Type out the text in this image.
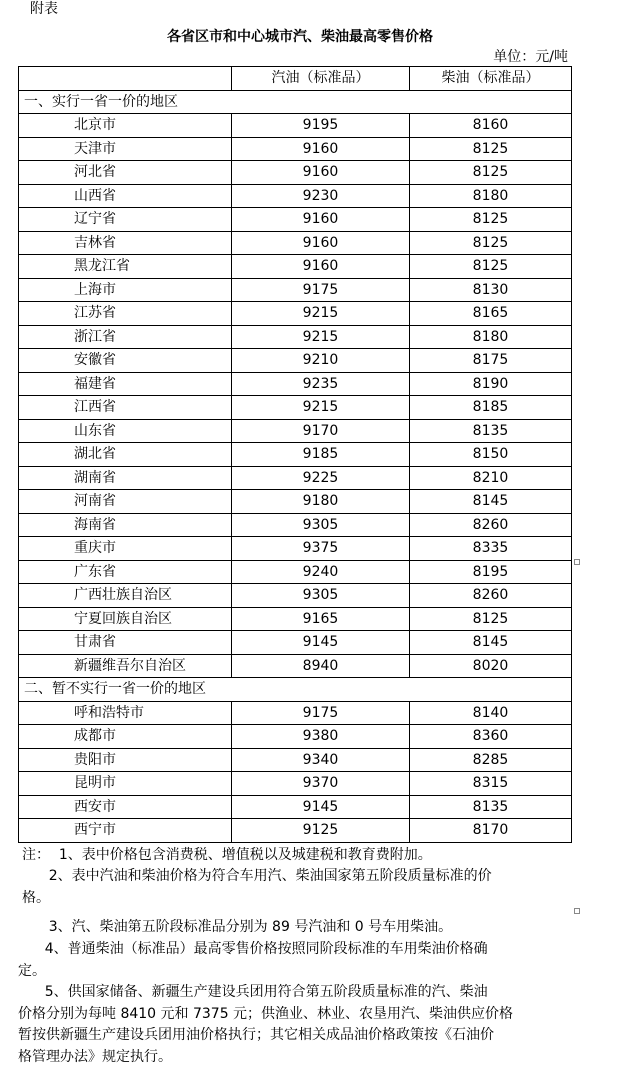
附表
各省区市和中心城市汽、柴油最高零售价格
单位：元/吨
	汽油（标准品）	柴油（标准品）
一、实行一省一价的地区		
北京市	9195	8160
天津市	9160	8125
河北省	9160	8125
山西省	9230	8180
辽宁省	9160	8125
吉林省	9160	8125
黑龙江省	9160	8125
上海市	9175	8130
江苏省	9215	8165
浙江省	9215	8180
安徽省	9210	8175
福建省	9235	8190
江西省	9215	8185
山东省	9170	8135
湖北省	9185	8150
湖南省	9225	8210
河南省	9180	8145
海南省	9305	8260
重庆市	9375	8335
广东省	9240	8195
广西壮族自治区	9305	8260
宁夏回族自治区	9165	8125
甘肃省	9145	8145
新疆维吾尔自治区	8940	8020
二、暂不实行一省一价的地区		
呼和浩特市	9175	8140
成都市	9380	8360
贵阳市	9340	8285
昆明市	9370	8315
西安市	9145	8135
西宁市	9125	8170
注：  1、表中价格包含消费税、增值税以及城建税和教育费附加。
2、表中汽油和柴油价格为符合车用汽、柴油国家第五阶段质量标准的价
格。
3、汽、柴油第五阶段标准品分别为 89 号汽油和 0 号车用柴油。
4、普通柴油（标准品）最高零售价格按照同阶段标准的车用柴油价格确
定。
5、供国家储备、新疆生产建设兵团用符合第五阶段质量标准的汽、柴油
价格分别为每吨 8410 元和 7375 元；供渔业、林业、农垦用汽、柴油供应价格
暂按供新疆生产建设兵团用油价格执行；其它相关成品油价格政策按《石油价
格管理办法》规定执行。
